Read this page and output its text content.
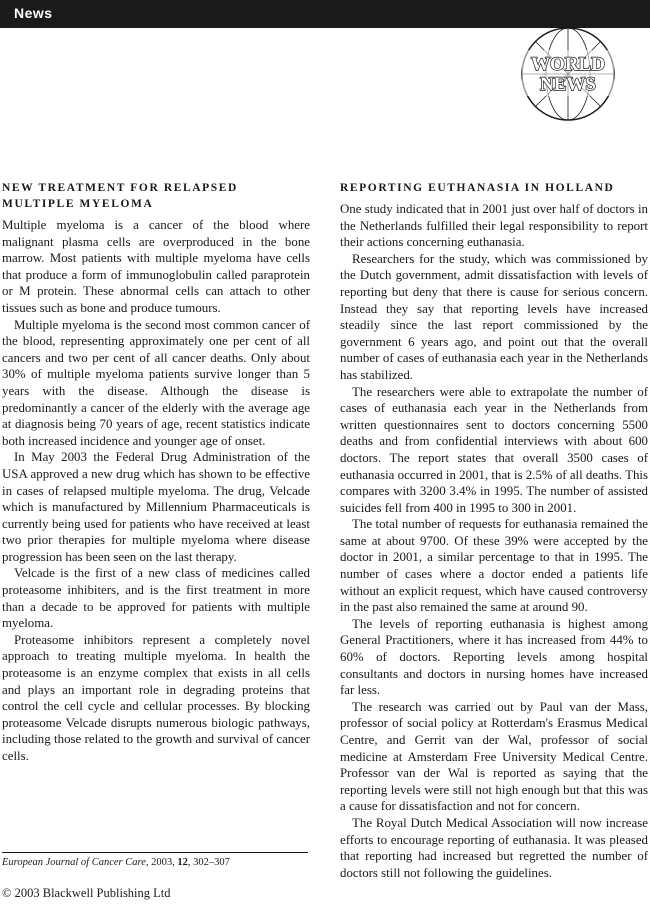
News
WORLD
NEWS
NEW TREATMENT FOR RELAPSED MULTIPLE MYELOMA

Multiple myeloma is a cancer of the blood where malignant plasma cells are overproduced in the bone marrow. Most patients with multiple myeloma have cells that produce a form of immunoglobulin called paraprotein or M protein. These abnormal cells can attach to other tissues such as bone and produce tumours.

Multiple myeloma is the second most common cancer of the blood, representing approximately one per cent of all cancers and two per cent of all cancer deaths. Only about 30% of multiple myeloma patients survive longer than 5 years with the disease. Although the disease is predominantly a cancer of the elderly with the average age at diagnosis being 70 years of age, recent statistics indicate both increased incidence and younger age of onset.

In May 2003 the Federal Drug Administration of the USA approved a new drug which has shown to be effective in cases of relapsed multiple myeloma. The drug, Velcade which is manufactured by Millennium Pharmaceuticals is currently being used for patients who have received at least two prior therapies for multiple myeloma where disease progression has been seen on the last therapy.

Velcade is the first of a new class of medicines called proteasome inhibiters, and is the first treatment in more than a decade to be approved for patients with multiple myeloma.

Proteasome inhibitors represent a completely novel approach to treating multiple myeloma. In health the proteasome is an enzyme complex that exists in all cells and plays an important role in degrading proteins that control the cell cycle and cellular processes. By blocking proteasome Velcade disrupts numerous biologic pathways, including those related to the growth and survival of cancer cells.

REPORTING EUTHANASIA IN HOLLAND

One study indicated that in 2001 just over half of doctors in the Netherlands fulfilled their legal responsibility to report their actions concerning euthanasia.

Researchers for the study, which was commissioned by the Dutch government, admit dissatisfaction with levels of reporting but deny that there is cause for serious concern. Instead they say that reporting levels have increased steadily since the last report commissioned by the government 6 years ago, and point out that the overall number of cases of euthanasia each year in the Netherlands has stabilized.

The researchers were able to extrapolate the number of cases of euthanasia each year in the Netherlands from written questionnaires sent to doctors concerning 5500 deaths and from confidential interviews with about 600 doctors. The report states that overall 3500 cases of euthanasia occurred in 2001, that is 2.5% of all deaths. This compares with 3200 3.4% in 1995. The number of assisted suicides fell from 400 in 1995 to 300 in 2001.

The total number of requests for euthanasia remained the same at about 9700. Of these 39% were accepted by the doctor in 2001, a similar percentage to that in 1995. The number of cases where a doctor ended a patients life without an explicit request, which have caused controversy in the past also remained the same at around 90.

The levels of reporting euthanasia is highest among General Practitioners, where it has increased from 44% to 60% of doctors. Reporting levels among hospital consultants and doctors in nursing homes have increased far less.

The research was carried out by Paul van der Mass, professor of social policy at Rotterdam's Erasmus Medical Centre, and Gerrit van der Wal, professor of social medicine at Amsterdam Free University Medical Centre. Professor van der Wal is reported as saying that the reporting levels were still not high enough but that this was a cause for dissatisfaction and not for concern.

The Royal Dutch Medical Association will now increase efforts to encourage reporting of euthanasia. It was pleased that reporting had increased but regretted the number of doctors still not following the guidelines.

European Journal of Cancer Care, 2003, 12, 302–307
© 2003 Blackwell Publishing Ltd
